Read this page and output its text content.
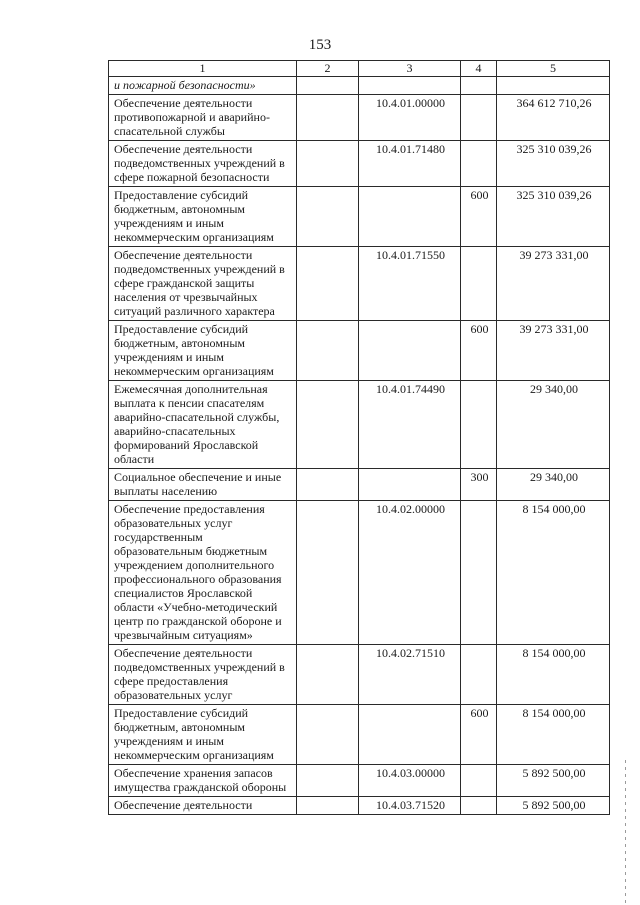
153
1	2	3	4	5
и пожарной безопасности»				
Обеспечение деятельности противопожарной и аварийно-спасательной службы		10.4.01.00000		364 612 710,26
Обеспечение деятельности подведомственных учреждений в сфере пожарной безопасности		10.4.01.71480		325 310 039,26
Предоставление субсидий бюджетным, автономным учреждениям и иным некоммерческим организациям			600	325 310 039,26
Обеспечение деятельности подведомственных учреждений в сфере гражданской защиты населения от чрезвычайных ситуаций различного характера		10.4.01.71550		39 273 331,00
Предоставление субсидий бюджетным, автономным учреждениям и иным некоммерческим организациям			600	39 273 331,00
Ежемесячная дополнительная выплата к пенсии спасателям аварийно-спасательной службы, аварийно-спасательных формирований Ярославской области		10.4.01.74490		29 340,00
Социальное обеспечение и иные выплаты населению			300	29 340,00
Обеспечение предоставления образовательных услуг государственным образовательным бюджетным учреждением дополнительного профессионального образования специалистов Ярославской области «Учебно-методический центр по гражданской обороне и чрезвычайным ситуациям»		10.4.02.00000		8 154 000,00
Обеспечение деятельности подведомственных учреждений в сфере предоставления образовательных услуг		10.4.02.71510		8 154 000,00
Предоставление субсидий бюджетным, автономным учреждениям и иным некоммерческим организациям			600	8 154 000,00
Обеспечение хранения запасов имущества гражданской обороны		10.4.03.00000		5 892 500,00
Обеспечение деятельности		10.4.03.71520		5 892 500,00
